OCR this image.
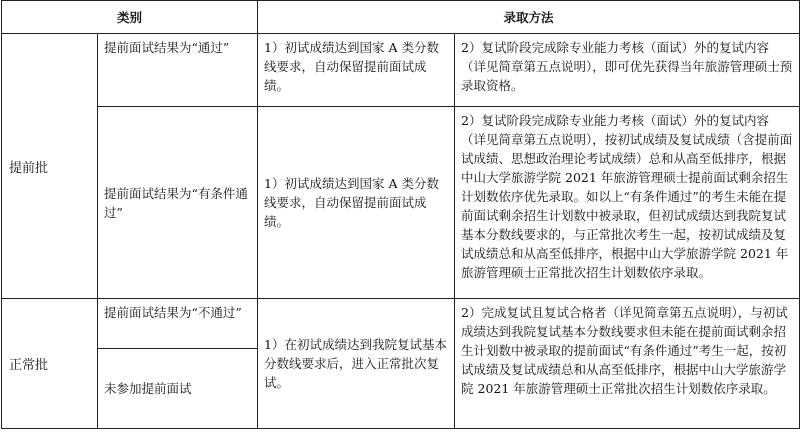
类别		录取方法	
提前批	提前面试结果为“通过”	1）初试成绩达到国家 A 类分数线要求，自动保留提前面试成绩。	2）复试阶段完成除专业能力考核（面试）外的复试内容（详见简章第五点说明），即可优先获得当年旅游管理硕士预录取资格。

	提前面试结果为“有条件通过”	1）初试成绩达到国家 A 类分数线要求，自动保留提前面试成绩。	2）复试阶段完成除专业能力考核（面试）外的复试内容（详见简章第五点说明），按初试成绩及复试成绩（含提前面试成绩、思想政治理论考试成绩）总和从高至低排序，根据中山大学旅游学院 2021 年旅游管理硕士提前面试剩余招生计划数依序优先录取。如以上“有条件通过”的考生未能在提前面试剩余招生计划数中被录取，但初试成绩达到我院复试基本分数线要求的，与正常批次考生一起，按初试成绩及复试成绩总和从高至低排序，根据中山大学旅游学院 2021 年旅游管理硕士正常批次招生计划数依序录取。

正常批	提前面试结果为“不通过”	1）在初试成绩达到我院复试基本分数线要求后，进入正常批次复试。	2）完成复试且复试合格者（详见简章第五点说明），与初试成绩达到我院复试基本分数线要求但未能在提前面试剩余招生计划数中被录取的提前面试“有条件通过”考生一起，按初试成绩及复试成绩总和从高至低排序，根据中山大学旅游学院 2021 年旅游管理硕士正常批次招生计划数依序录取。

	未参加提前面试		
